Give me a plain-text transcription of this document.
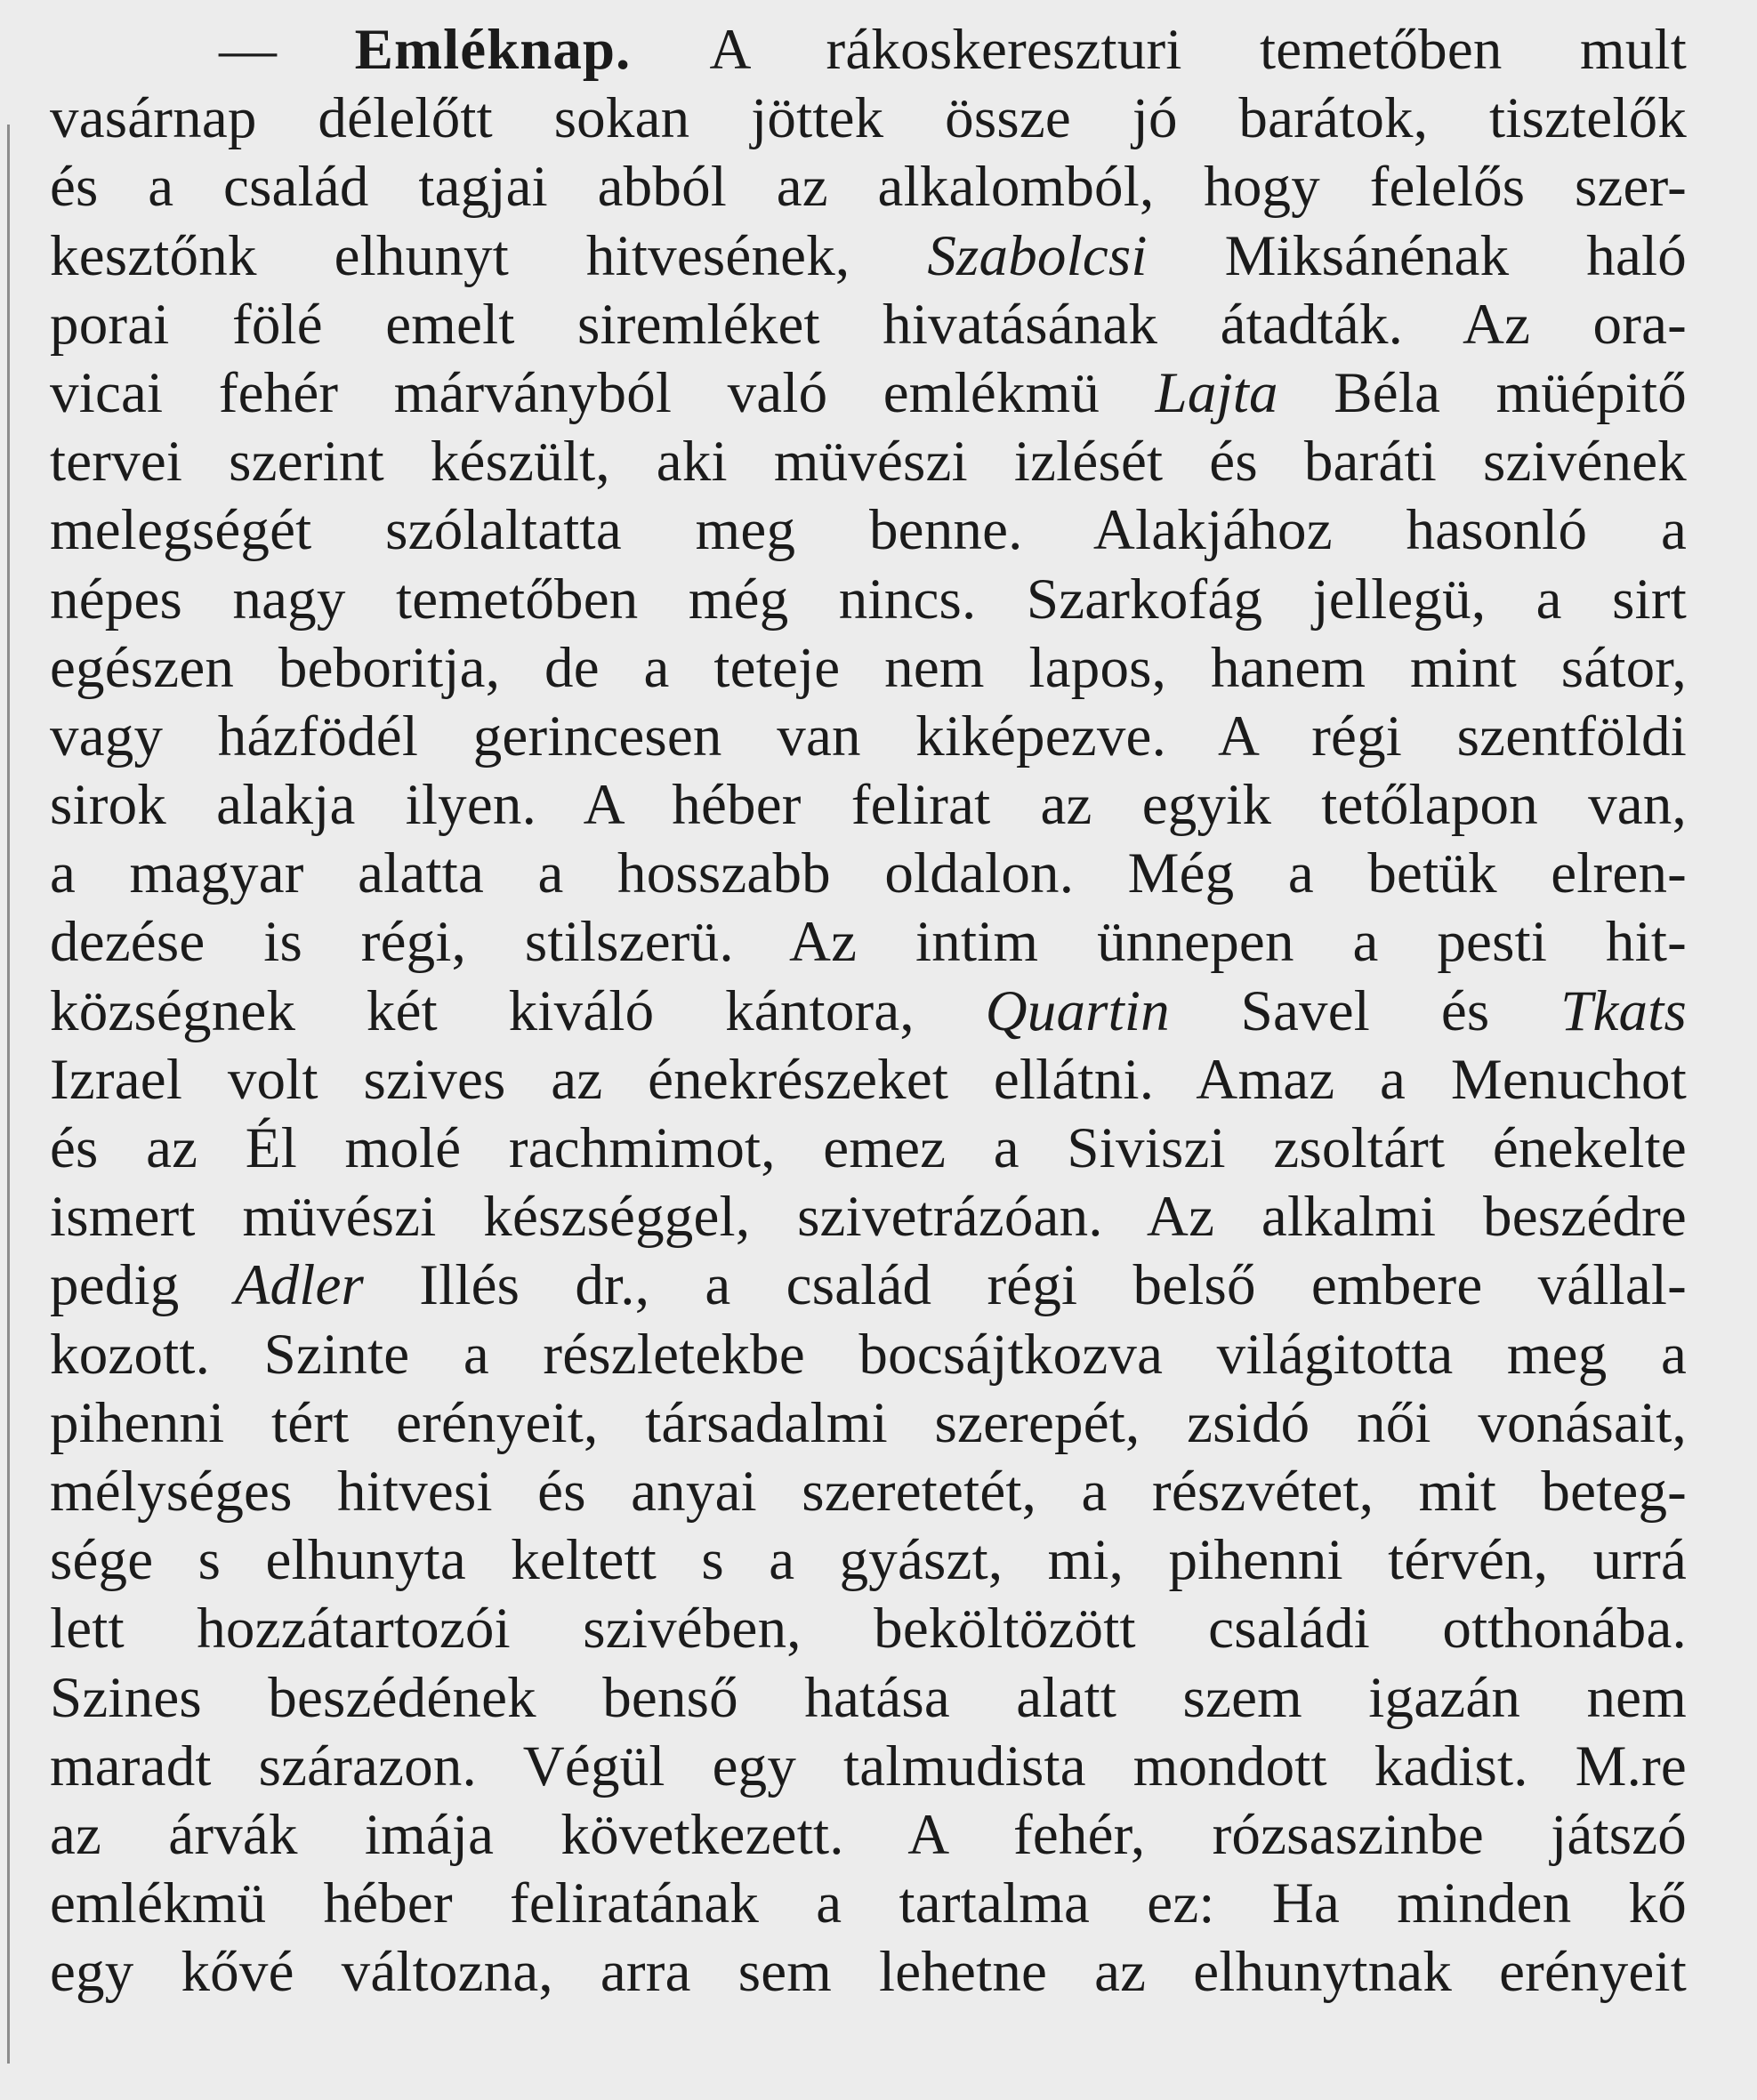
— Emléknap. A rákoskereszturi temetőben mult
vasárnap délelőtt sokan jöttek össze jó barátok, tisztelők
és a család tagjai abból az alkalomból, hogy felelős szer-
kesztőnk elhunyt hitvesének, Szabolcsi Miksánénak haló
porai fölé emelt siremléket hivatásának átadták. Az ora-
vicai fehér márványból való emlékmü Lajta Béla müépitő
tervei szerint készült, aki müvészi izlését és baráti szivének
melegségét szólaltatta meg benne. Alakjához hasonló a
népes nagy temetőben még nincs. Szarkofág jellegü, a sirt
egészen beboritja, de a teteje nem lapos, hanem mint sátor,
vagy házfödél gerincesen van kiképezve. A régi szentföldi
sirok alakja ilyen. A héber felirat az egyik tetőlapon van,
a magyar alatta a hosszabb oldalon. Még a betük elren-
dezése is régi, stilszerü. Az intim ünnepen a pesti hit-
községnek két kiváló kántora, Quartin Savel és Tkats
Izrael volt szives az énekrészeket ellátni. Amaz a Menuchot
és az Él molé rachmimot, emez a Siviszi zsoltárt énekelte
ismert müvészi készséggel, szivetrázóan. Az alkalmi beszédre
pedig Adler Illés dr., a család régi belső embere vállal-
kozott. Szinte a részletekbe bocsájtkozva világitotta meg a
pihenni tért erényeit, társadalmi szerepét, zsidó női vonásait,
mélységes hitvesi és anyai szeretetét, a részvétet, mit beteg-
sége s elhunyta keltett s a gyászt, mi, pihenni térvén, urrá
lett hozzátartozói szivében, beköltözött családi otthonába.
Szines beszédének benső hatása alatt szem igazán nem
maradt szárazon. Végül egy talmudista mondott kadist. M.re
az árvák imája következett. A fehér, rózsaszinbe játszó
emlékmü héber feliratának a tartalma ez: Ha minden kő
egy kővé változna, arra sem lehetne az elhunytnak erényeit
